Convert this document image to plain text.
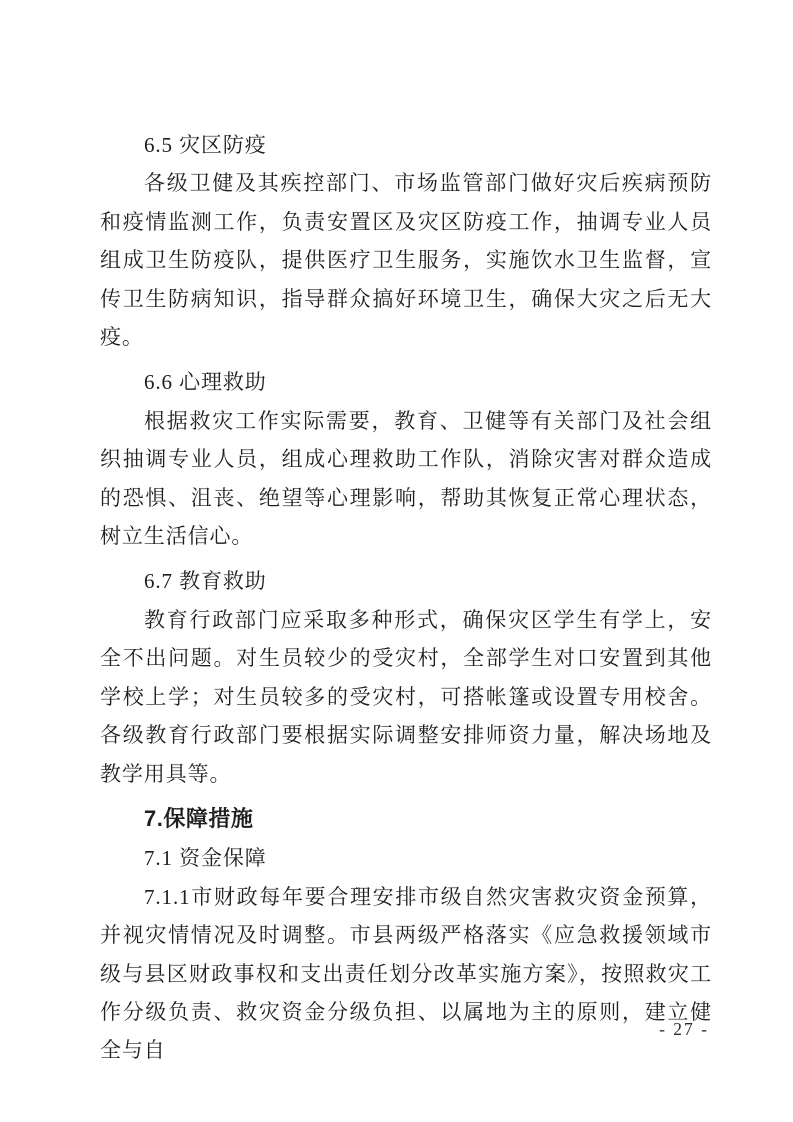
6.5 灾区防疫

各级卫健及其疾控部门、市场监管部门做好灾后疾病预防和疫情监测工作，负责安置区及灾区防疫工作，抽调专业人员组成卫生防疫队，提供医疗卫生服务，实施饮水卫生监督，宣传卫生防病知识，指导群众搞好环境卫生，确保大灾之后无大疫。

6.6 心理救助

根据救灾工作实际需要，教育、卫健等有关部门及社会组织抽调专业人员，组成心理救助工作队，消除灾害对群众造成的恐惧、沮丧、绝望等心理影响，帮助其恢复正常心理状态，树立生活信心。

6.7 教育救助

教育行政部门应采取多种形式，确保灾区学生有学上，安全不出问题。对生员较少的受灾村，全部学生对口安置到其他学校上学；对生员较多的受灾村，可搭帐篷或设置专用校舍。各级教育行政部门要根据实际调整安排师资力量，解决场地及教学用具等。

7.保障措施
7.1 资金保障

7.1.1市财政每年要合理安排市级自然灾害救灾资金预算，并视灾情情况及时调整。市县两级严格落实《应急救援领域市级与县区财政事权和支出责任划分改革实施方案》，按照救灾工作分级负责、救灾资金分级负担、以属地为主的原则，建立健全与自

- 27 -
